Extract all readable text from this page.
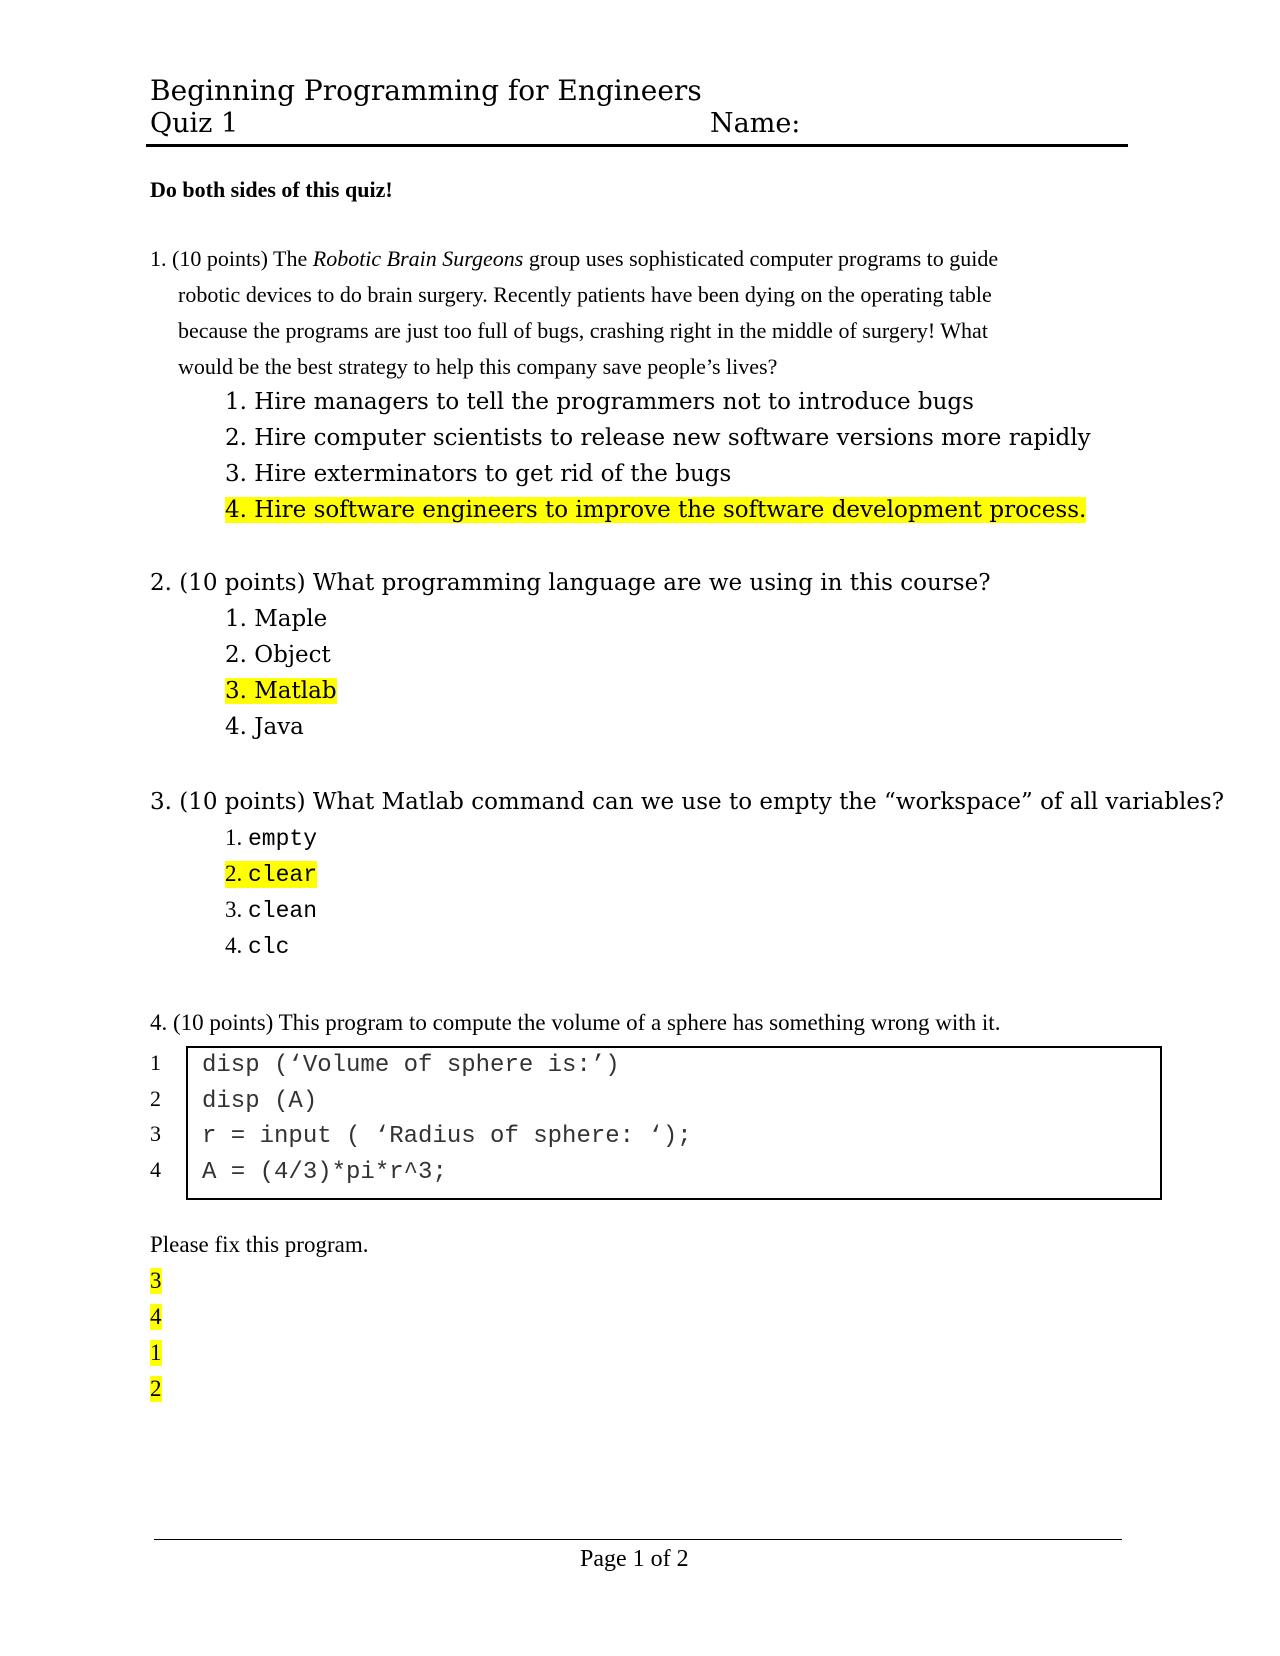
Beginning Programming for Engineers
Quiz 1	Name:
Do both sides of this quiz!
1. (10 points) The Robotic Brain Surgeons group uses sophisticated computer programs to guide
robotic devices to do brain surgery. Recently patients have been dying on the operating table
because the programs are just too full of bugs, crashing right in the middle of surgery! What
would be the best strategy to help this company save people’s lives?
1. Hire managers to tell the programmers not to introduce bugs
2. Hire computer scientists to release new software versions more rapidly
3. Hire exterminators to get rid of the bugs
4. Hire software engineers to improve the software development process.
2. (10 points) What programming language are we using in this course?
1. Maple
2. Object
3. Matlab
4. Java
3. (10 points) What Matlab command can we use to empty the “workspace” of all variables?
1. empty
2. clear
3. clean
4. clc
4. (10 points) This program to compute the volume of a sphere has something wrong with it.
1
2
3
4
disp (‘Volume of sphere is:’)
disp (A)
r = input ( ‘Radius of sphere: ‘);
A = (4/3)*pi*r^3;
Please fix this program.
3
4
1
2
Page 1 of 2
